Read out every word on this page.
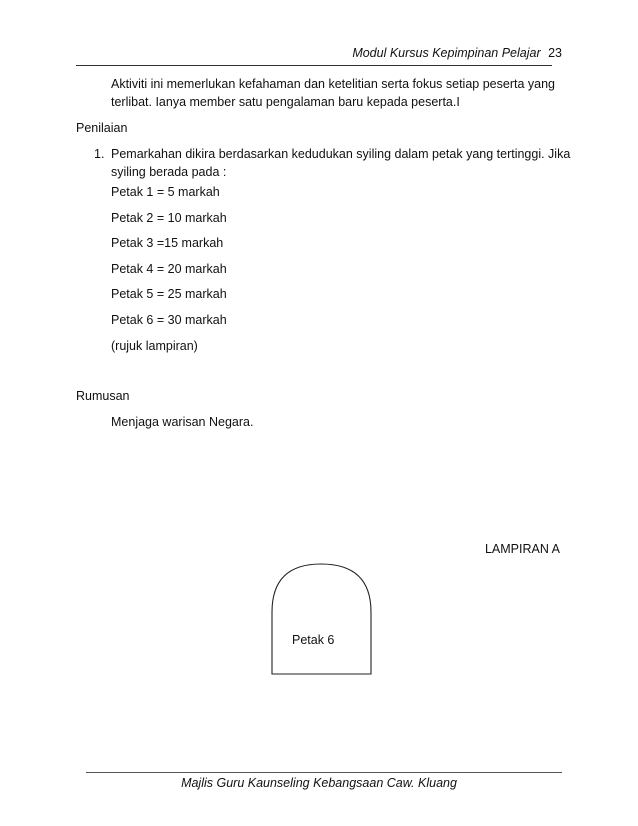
Modul Kursus Kepimpinan Pelajar 23
Aktiviti ini memerlukan kefahaman dan ketelitian serta fokus setiap peserta yang terlibat. Ianya member satu pengalaman baru kepada peserta.I
Penilaian
1. Pemarkahan dikira berdasarkan kedudukan syiling dalam petak yang tertinggi. Jika syiling berada pada :
Petak 1 = 5 markah
Petak 2 = 10 markah
Petak 3 =15 markah
Petak 4 = 20 markah
Petak 5 = 25 markah
Petak 6 = 30 markah
(rujuk lampiran)
Rumusan
Menjaga warisan Negara.
LAMPIRAN A
Petak 6
Majlis Guru Kaunseling Kebangsaan Caw. Kluang
